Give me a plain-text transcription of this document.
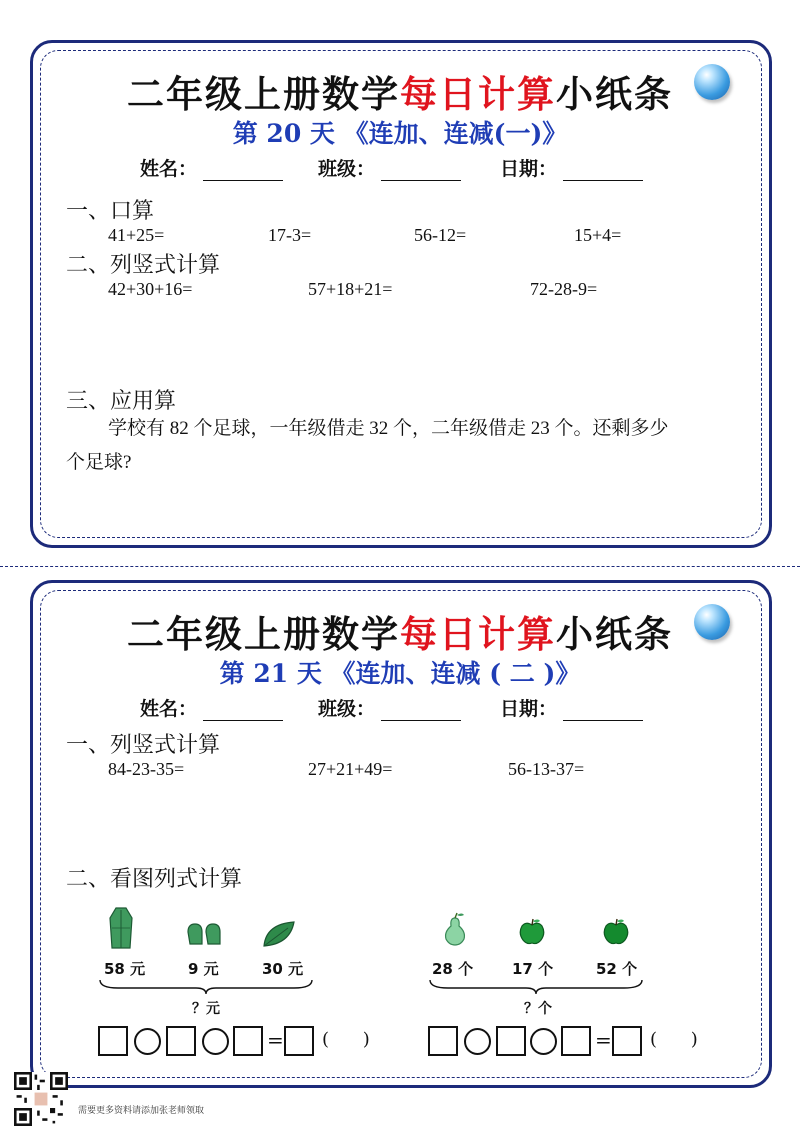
二年级上册数学每日计算小纸条
第 20 天 《连加、连减(一)》
姓名：	班级：	日期：
一、口算
41+25=	17-3=	56-12=	15+4=
二、列竖式计算
42+30+16=	57+18+21=	72-28-9=
三、应用算
学校有 82 个足球，一年级借走 32 个，二年级借走 23 个。还剩多少
个足球?
二年级上册数学每日计算小纸条
第 21 天 《连加、连减 ( 二 )》
姓名：	班级：	日期：
一、列竖式计算
84-23-35=	27+21+49=	56-13-37=
二、看图列式计算
58 元	9 元	30 元
？元
28 个	17 个	52 个
？个
= ( )	= ( )
需要更多资料请添加张老师领取
